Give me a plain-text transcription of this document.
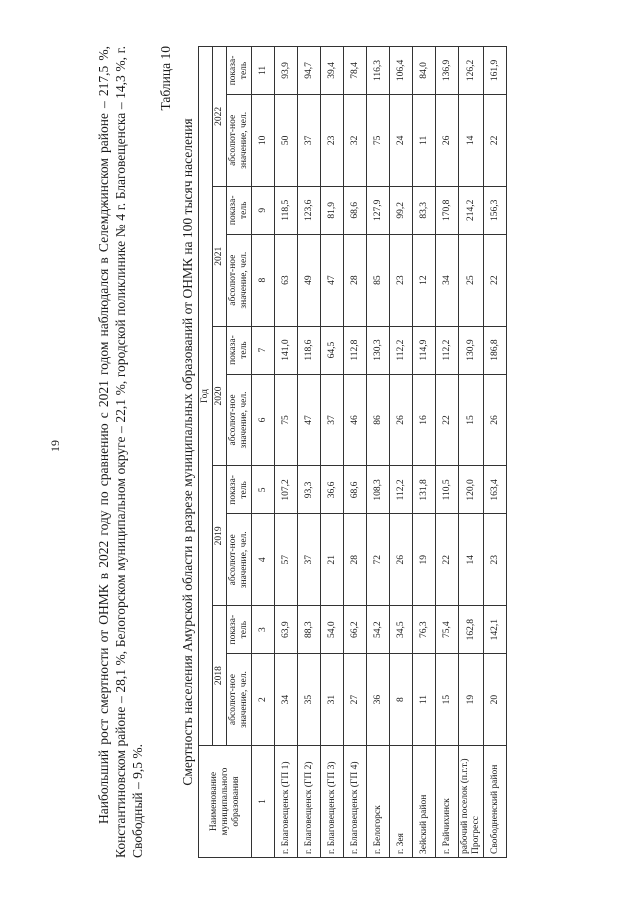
19	Наибольший рост смертности от ОНМК в 2022 году по сравнению с 2021 годом наблюдался в Селемджинском районе – 217,5 %, Константиновском районе – 28,1 %, Белогорском муниципальном округе – 22,1 %, городской поликлинике № 4 г. Благовещенска – 14,3 %, г. Свободный – 9,5 %.

Таблица 10
Смертность населения Амурской области в разрезе муниципальных образований от ОНМК на 100 тысяч населения
Наименование муниципального образования	Год									
	2018		2019		2020		2021		2022	
	абсолют-ное значение, чел.	показа-тель	абсолют-ное значение, чел.	показа-тель	абсолют-ное значение, чел.	показа-тель	абсолют-ное значение, чел.	показа-тель	абсолют-ное значение, чел.	показа-тель
1	2	3	4	5	6	7	8	9	10	11
г. Благовещенск (ГП 1)	34	63,9	57	107,2	75	141,0	63	118,5	50	93,9
г. Благовещенск (ГП 2)	35	88,3	37	93,3	47	118,6	49	123,6	37	94,7
г. Благовещенск (ГП 3)	31	54,0	21	36,6	37	64,5	47	81,9	23	39,4
г. Благовещенск (ГП 4)	27	66,2	28	68,6	46	112,8	28	68,6	32	78,4
г. Белогорск	36	54,2	72	108,3	86	130,3	85	127,9	75	116,3
г. Зея	8	34,5	26	112,2	26	112,2	23	99,2	24	106,4
Зейский район	11	76,3	19	131,8	16	114,9	12	83,3	11	84,0
г. Райчихинск	15	75,4	22	110,5	22	112,2	34	170,8	26	136,9
рабочий поселок (п.г.т.) Прогресс	19	162,8	14	120,0	15	130,9	25	214,2	14	126,2
Свободненский район	20	142,1	23	163,4	26	186,8	22	156,3	22	161,9
